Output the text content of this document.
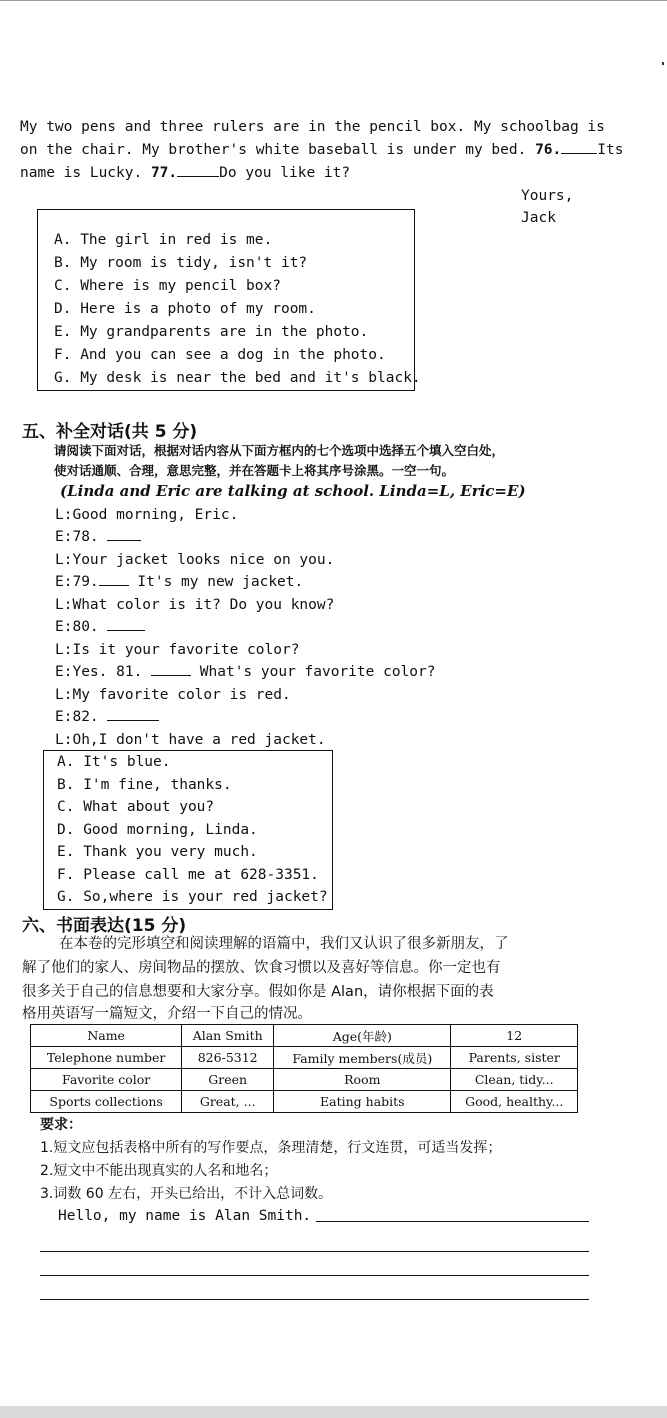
My two pens and three rulers are in the pencil box. My schoolbag is
on the chair. My brother's white baseball is under my bed. 76. Its
name is Lucky. 77.	Do you like it?
Yours,
Jack
A. The girl in red is me.
B. My room is tidy, isn't it?
C. Where is my pencil box?
D. Here is a photo of my room.
E. My grandparents are in the photo.
F. And you can see a dog in the photo.
G. My desk is near the bed and it's black.
五、补全对话(共 5 分)
请阅读下面对话，根据对话内容从下面方框内的七个选项中选择五个填入空白处，
使对话通顺、合理，意思完整，并在答题卡上将其序号涂黑。一空一句。
(Linda and Eric are talking at school. Linda=L, Eric=E)
L:Good morning, Eric.
E:78.
L:Your jacket looks nice on you.
E:79. It's my new jacket.
L:What color is it? Do you know?
E:80.
L:Is it your favorite color?
E:Yes. 81.	What's your favorite color?
L:My favorite color is red.
E:82.
L:Oh,I don't have a red jacket.
A. It's blue.
B. I'm fine, thanks.
C. What about you?
D. Good morning, Linda.
E. Thank you very much.
F. Please call me at 628-3351.
G. So,where is your red jacket?
六、书面表达(15 分)
在本卷的完形填空和阅读理解的语篇中，我们又认识了很多新朋友，了
解了他们的家人、房间物品的摆放、饮食习惯以及喜好等信息。你一定也有
很多关于自己的信息想要和大家分享。假如你是 Alan，请你根据下面的表
格用英语写一篇短文，介绍一下自己的情况。
Name	Alan Smith	Age(年龄)	12
Telephone number	826-5312	Family members(成员)	Parents, sister
Favorite color	Green	Room	Clean, tidy...
Sports collections	Great, ...	Eating habits	Good, healthy...
要求：
1.短文应包括表格中所有的写作要点，条理清楚，行文连贯，可适当发挥；
2.短文中不能出现真实的人名和地名；
3.词数 60 左右，开头已给出，不计入总词数。
Hello, my name is Alan Smith.
